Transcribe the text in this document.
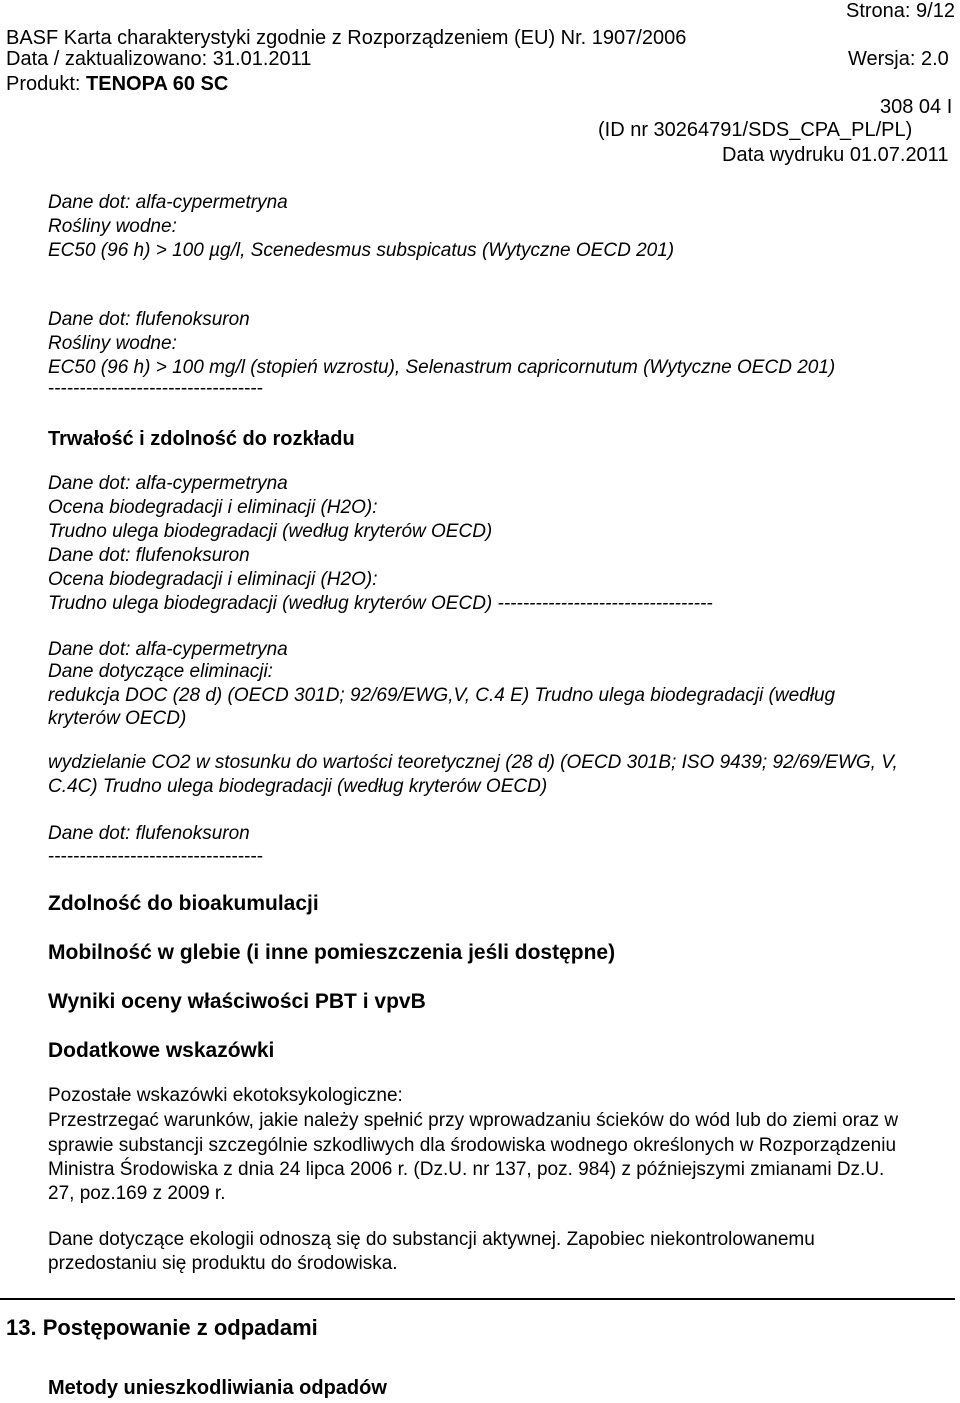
Strona: 9/12
BASF Karta charakterystyki zgodnie z Rozporządzeniem (EU) Nr. 1907/2006
Data / zaktualizowano: 31.01.2011	Wersja: 2.0
Produkt: TENOPA 60 SC
308 04 I
(ID nr 30264791/SDS_CPA_PL/PL)
Data wydruku 01.07.2011
Dane dot: alfa-cypermetryna
Rośliny wodne:
EC50 (96 h) > 100 µg/l, Scenedesmus subspicatus (Wytyczne OECD 201)
Dane dot: flufenoksuron
Rośliny wodne:
EC50 (96 h) > 100 mg/l (stopień wzrostu), Selenastrum capricornutum (Wytyczne OECD 201)
----------------------------------
Trwałość i zdolność do rozkładu
Dane dot: alfa-cypermetryna
Ocena biodegradacji i eliminacji (H2O):
Trudno ulega biodegradacji (według kryterów OECD)
Dane dot: flufenoksuron
Ocena biodegradacji i eliminacji (H2O):
Trudno ulega biodegradacji (według kryterów OECD) ----------------------------------
Dane dot: alfa-cypermetryna
Dane dotyczące eliminacji:
redukcja DOC (28 d) (OECD 301D; 92/69/EWG,V, C.4 E) Trudno ulega biodegradacji (według
kryterów OECD)
wydzielanie CO2 w stosunku do wartości teoretycznej (28 d) (OECD 301B; ISO 9439; 92/69/EWG, V,
C.4C) Trudno ulega biodegradacji (według kryterów OECD)
Dane dot: flufenoksuron
----------------------------------
Zdolność do bioakumulacji
Mobilność w glebie (i inne pomieszczenia jeśli dostępne)
Wyniki oceny właściwości PBT i vpvB
Dodatkowe wskazówki
Pozostałe wskazówki ekotoksykologiczne:
Przestrzegać warunków, jakie należy spełnić przy wprowadzaniu ścieków do wód lub do ziemi oraz w
sprawie substancji szczególnie szkodliwych dla środowiska wodnego określonych w Rozporządzeniu
Ministra Środowiska z dnia 24 lipca 2006 r. (Dz.U. nr 137, poz. 984) z późniejszymi zmianami Dz.U.
27, poz.169 z 2009 r.
Dane dotyczące ekologii odnoszą się do substancji aktywnej. Zapobiec niekontrolowanemu
przedostaniu się produktu do środowiska.
13. Postępowanie z odpadami
Metody unieszkodliwiania odpadów
